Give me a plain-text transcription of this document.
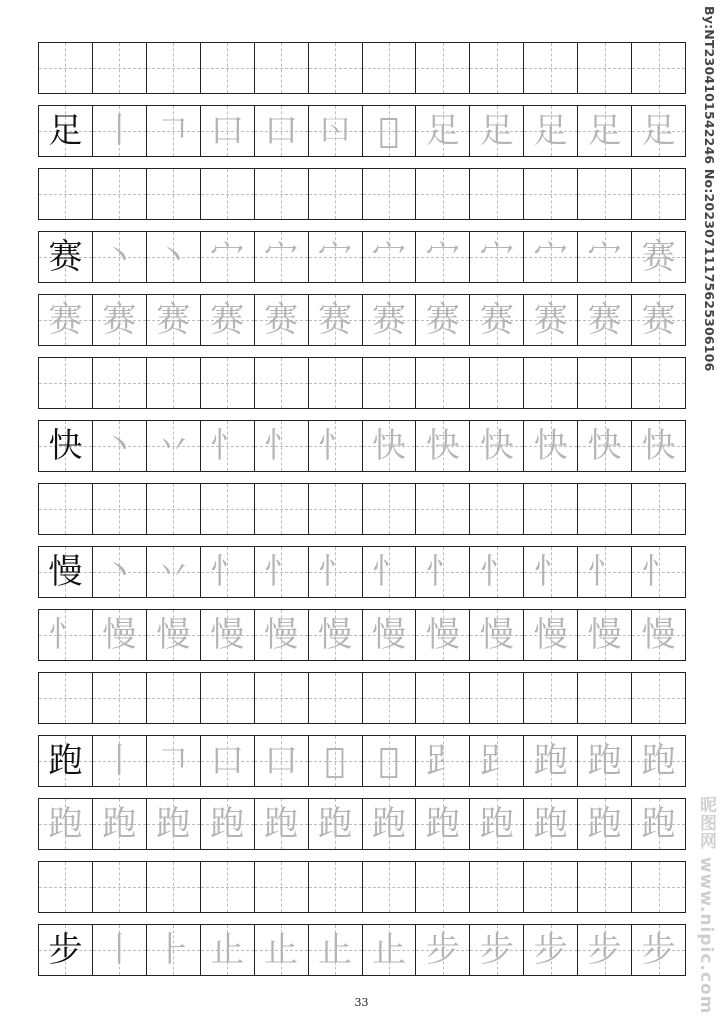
足 丨 𠃍 口 口 𠮚 𠯁 足 足 足 足 足
赛 丶 丶 宀 宀 宀 宀 宀 宀 宀 宀 赛
赛 赛 赛 赛 赛 赛 赛 赛 赛 赛 赛 赛
快 丶 丷 忄 忄 忄 快 快 快 快 快 快
慢 丶 丷 忄 忄 忄 忄 忄 忄 忄 忄 忄
忄 慢 慢 慢 慢 慢 慢 慢 慢 慢 慢 慢
跑 丨 𠃍 口 口 𠯁 𠯁 𧾷 𧾷 跑 跑 跑
跑 跑 跑 跑 跑 跑 跑 跑 跑 跑 跑 跑
步 丨 ⺊ 止 止 止 止 步 步 步 步 步
33
By:NT2304101542246 No:20230711175625306106
昵图网 www.nipic.com
